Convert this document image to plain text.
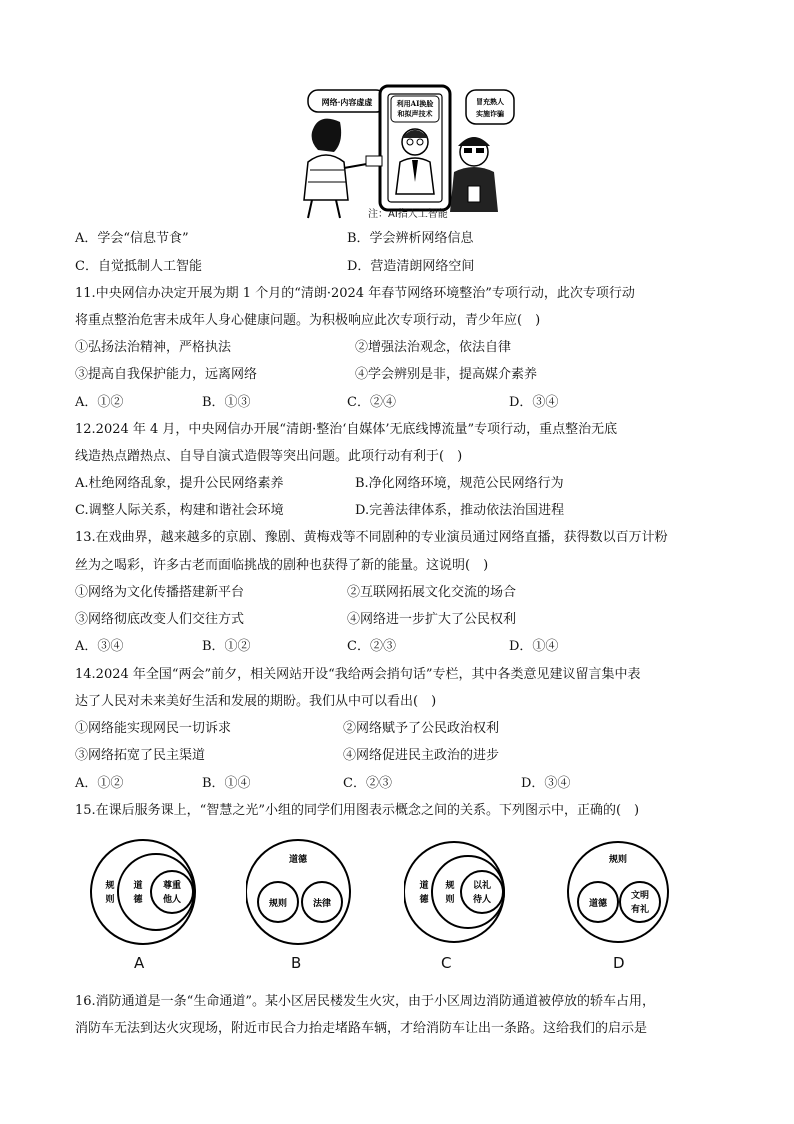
网络·内容虚虚	利用AI换脸
和拟声技术
冒充熟人
实施诈骗
注：AI指人工智能
A．学会“信息节食”	B．学会辨析网络信息
C．自觉抵制人工智能	D．营造清朗网络空间
11.中央网信办决定开展为期 1 个月的“清朗·2024 年春节网络环境整治”专项行动，此次专项行动
将重点整治危害未成年人身心健康问题。为积极响应此次专项行动，青少年应(　)
①弘扬法治精神，严格执法	②增强法治观念，依法自律
③提高自我保护能力，远离网络	④学会辨别是非，提高媒介素养
A．①②	B．①③	C．②④	D．③④
12.2024 年 4 月，中央网信办开展“清朗·整治‘自媒体’无底线博流量”专项行动，重点整治无底
线造热点蹭热点、自导自演式造假等突出问题。此项行动有利于(　)
A.杜绝网络乱象，提升公民网络素养	B.净化网络环境，规范公民网络行为
C.调整人际关系，构建和谐社会环境	D.完善法律体系，推动依法治国进程
13.在戏曲界，越来越多的京剧、豫剧、黄梅戏等不同剧种的专业演员通过网络直播，获得数以百万计粉
丝为之喝彩，许多古老而面临挑战的剧种也获得了新的能量。这说明(　)
①网络为文化传播搭建新平台	②互联网拓展文化交流的场合
③网络彻底改变人们交往方式	④网络进一步扩大了公民权利
A．③④	B．①②	C．②③	D．①④
14.2024 年全国“两会”前夕，相关网站开设“我给两会捎句话”专栏，其中各类意见建议留言集中表
达了人民对未来美好生活和发展的期盼。我们从中可以看出(　)
①网络能实现网民一切诉求	②网络赋予了公民政治权利
③网络拓宽了民主渠道	④网络促进民主政治的进步
A．①②	B．①④	C．②③	D．③④
15.在课后服务课上，“智慧之光”小组的同学们用图表示概念之间的关系。下列图示中，正确的(　)
规
则
道
德
尊重
他人
A
道德
规则	法律
B
道
德
规
则
以礼
待人
C
规则
道德
文明
有礼
D
16.消防通道是一条“生命通道”。某小区居民楼发生火灾，由于小区周边消防通道被停放的轿车占用，
消防车无法到达火灾现场，附近市民合力抬走堵路车辆，才给消防车让出一条路。这给我们的启示是
